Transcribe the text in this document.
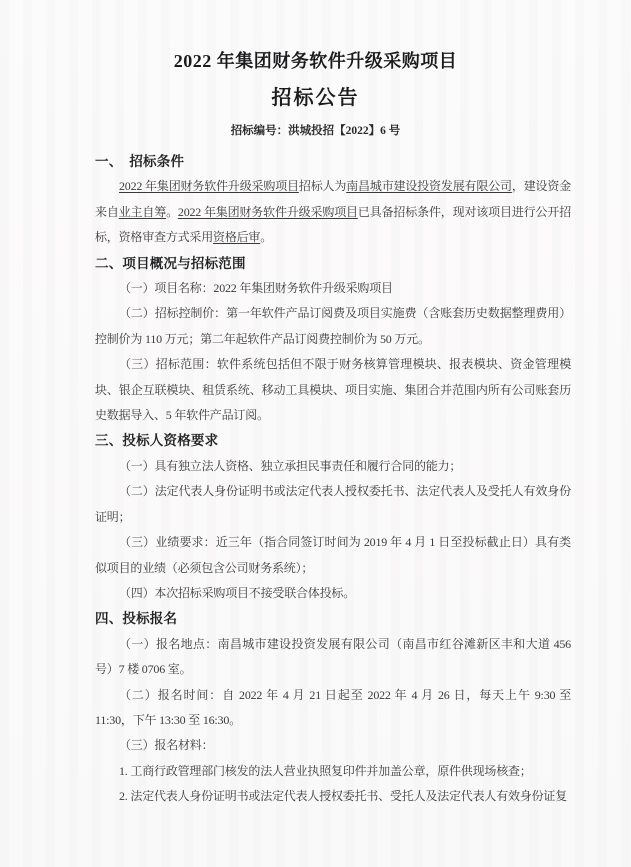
2022 年集团财务软件升级采购项目
招标公告
招标编号：洪城投招【2022】6 号
一、　招标条件

2022 年集团财务软件升级采购项目招标人为南昌城市建设投资发展有限公司，建设资金来自业主自筹。2022 年集团财务软件升级采购项目已具备招标条件，现对该项目进行公开招标，资格审查方式采用资格后审。

二、项目概况与招标范围

（一）项目名称：2022 年集团财务软件升级采购项目

（二）招标控制价：第一年软件产品订阅费及项目实施费（含账套历史数据整理费用）控制价为 110 万元；第二年起软件产品订阅费控制价为 50 万元。

（三）招标范围：软件系统包括但不限于财务核算管理模块、报表模块、资金管理模块、银企互联模块、租赁系统、移动工具模块、项目实施、集团合并范围内所有公司账套历史数据导入、5 年软件产品订阅。

三、投标人资格要求

（一）具有独立法人资格、独立承担民事责任和履行合同的能力；

（二）法定代表人身份证明书或法定代表人授权委托书、法定代表人及受托人有效身份证明；

（三）业绩要求：近三年（指合同签订时间为 2019 年 4 月 1 日至投标截止日）具有类似项目的业绩（必须包含公司财务系统）；

（四）本次招标采购项目不接受联合体投标。

四、投标报名

（一）报名地点：南昌城市建设投资发展有限公司（南昌市红谷滩新区丰和大道 456 号）7 楼 0706 室。

（二）报名时间：自 2022 年 4 月 21 日起至 2022 年 4 月 26 日，每天上午 9:30 至 11:30，下午 13:30 至 16:30。

（三）报名材料：

1. 工商行政管理部门核发的法人营业执照复印件并加盖公章，原件供现场核查；

2. 法定代表人身份证明书或法定代表人授权委托书、受托人及法定代表人有效身份证复
